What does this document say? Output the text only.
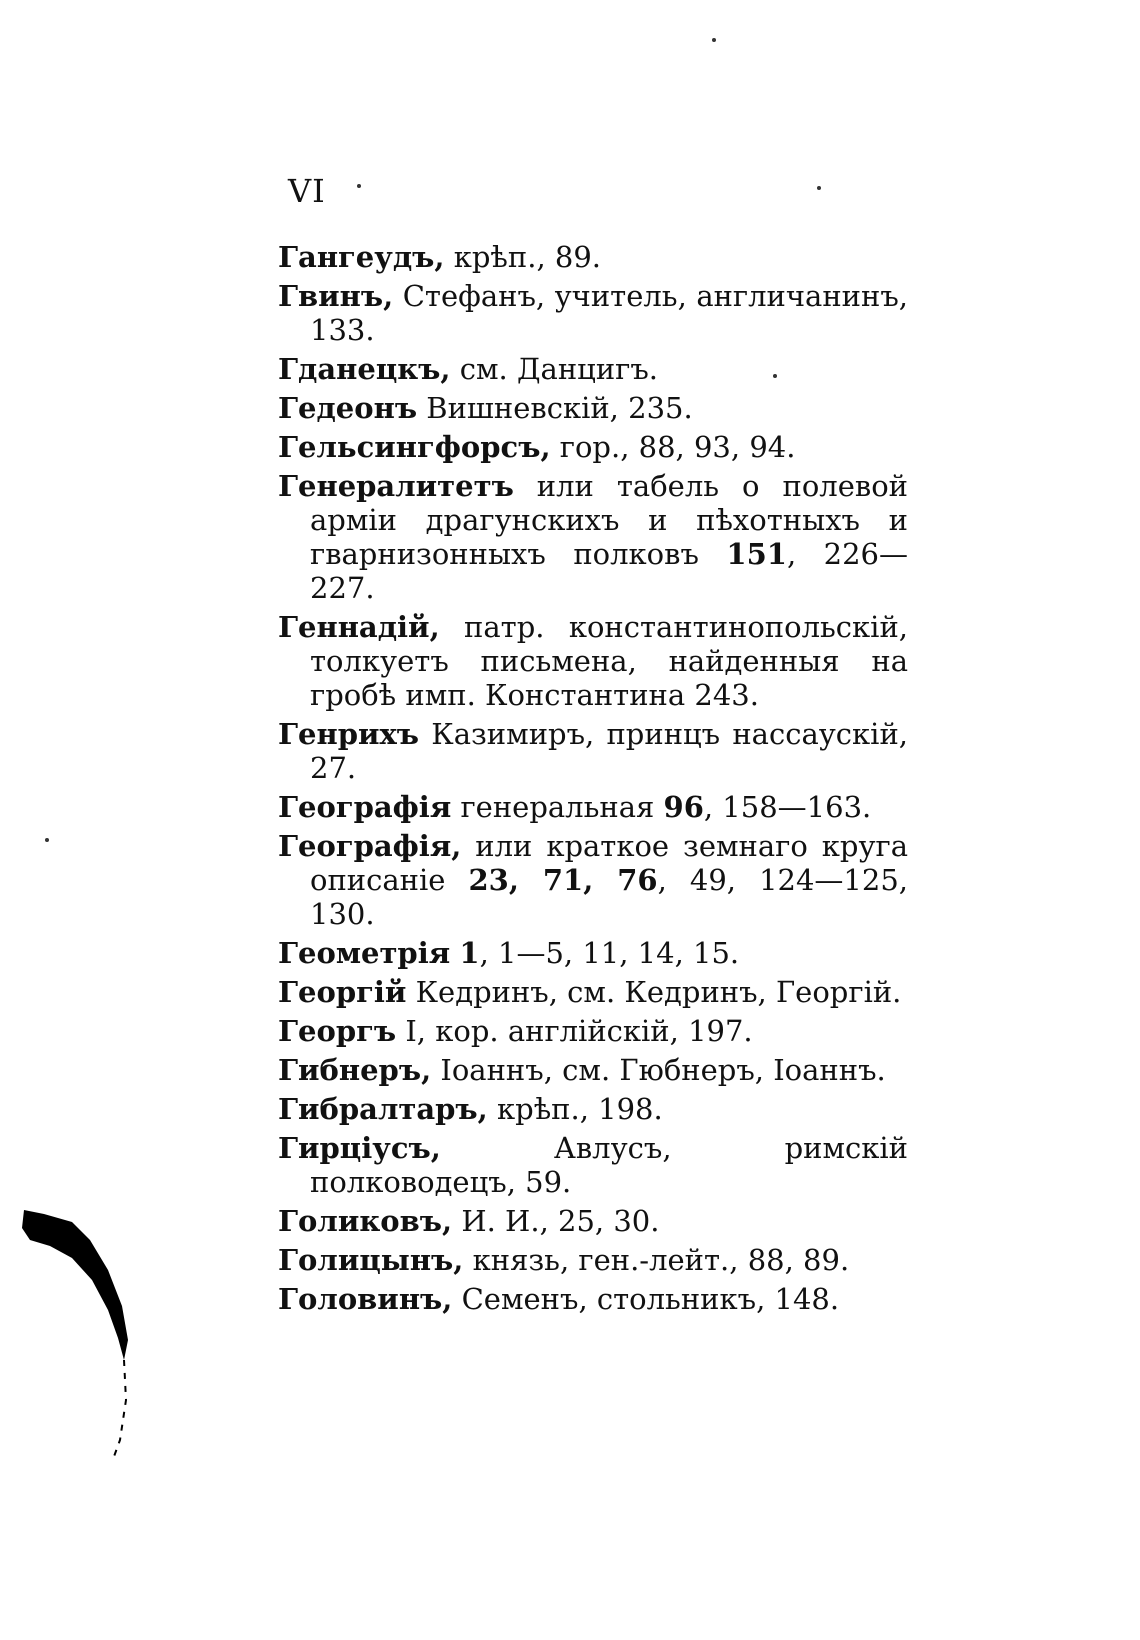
VI
Гангеудъ, крѣп., 89.
Гвинъ, Стефанъ, учитель, англичанинъ, 133.
Гданецкъ, см. Данцигъ.
Гедеонъ Вишневскій, 235.
Гельсингфорсъ, гор., 88, 93, 94.
Генералитетъ или табель о полевой арміи драгунскихъ и пѣхотныхъ и гварнизонныхъ полковъ 151, 226—227.
Геннадій, патр. константинопольскій, толкуетъ письмена, найденныя на гробѣ имп. Константина 243.
Генрихъ Казимиръ, принцъ нассаускій, 27.
Географія генеральная 96, 158—163.
Географія, или краткое земнаго круга описаніе 23, 71, 76, 49, 124—125, 130.
Геометрія 1, 1—5, 11, 14, 15.
Георгій Кедринъ, см. Кедринъ, Георгій.
Георгъ I, кор. англійскій, 197.
Гибнеръ, Іоаннъ, см. Гюбнеръ, Іоаннъ.
Гибралтаръ, крѣп., 198.
Гирціусъ, Авлусъ, римскій полководецъ, 59.
Голиковъ, И. И., 25, 30.
Голицынъ, князь, ген.-лейт., 88, 89.
Головинъ, Семенъ, стольникъ, 148.
